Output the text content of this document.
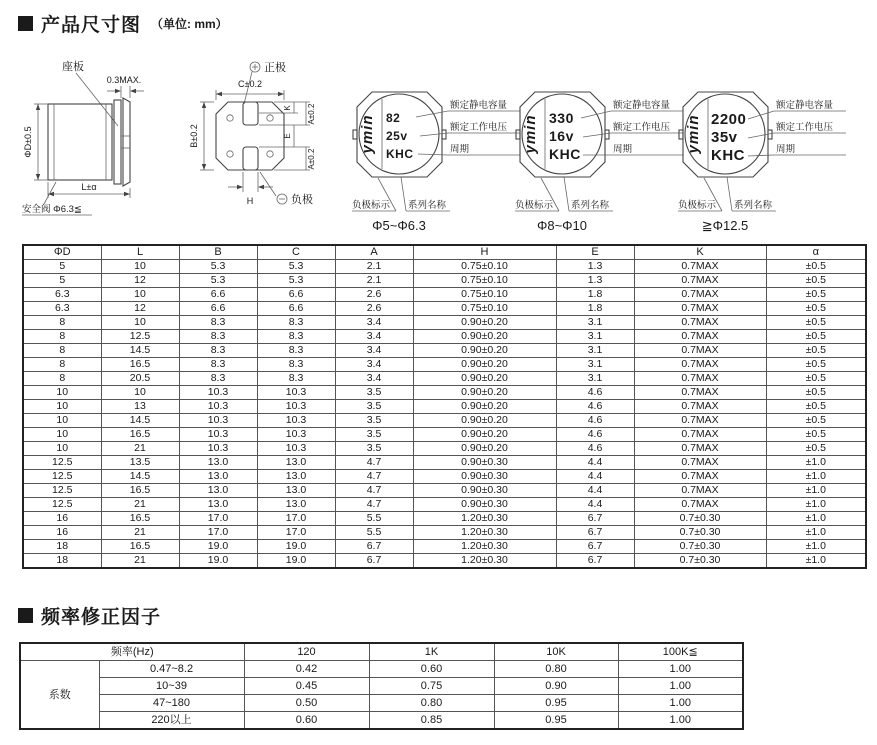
产品尺寸图 （单位: mm）
座板
0.3MAX.
ΦD±0.5
L±α
安全阀 Φ6.3≦
正极
C±0.2
B±0.2
K
E
A±0.2
A±0.2
H	负极
ymin 82
25v
KHC
额定静电容量
额定工作电压
周期
负极标示 系列名称
Φ5~Φ6.3
ymin 330
16v
KHC
额定静电容量
额定工作电压
周期
负极标示 系列名称
Φ8~Φ10
ymin 2200
35v
KHC
额定静电容量
额定工作电压
周期
负极标示 系列名称
≧Φ12.5
ΦD	L	B	C	A	H	E	K	α
5	10	5.3	5.3	2.1	0.75±0.10	1.3	0.7MAX	±0.5
5	12	5.3	5.3	2.1	0.75±0.10	1.3	0.7MAX	±0.5
6.3	10	6.6	6.6	2.6	0.75±0.10	1.8	0.7MAX	±0.5
6.3	12	6.6	6.6	2.6	0.75±0.10	1.8	0.7MAX	±0.5
8	10	8.3	8.3	3.4	0.90±0.20	3.1	0.7MAX	±0.5
8	12.5	8.3	8.3	3.4	0.90±0.20	3.1	0.7MAX	±0.5
8	14.5	8.3	8.3	3.4	0.90±0.20	3.1	0.7MAX	±0.5
8	16.5	8.3	8.3	3.4	0.90±0.20	3.1	0.7MAX	±0.5
8	20.5	8.3	8.3	3.4	0.90±0.20	3.1	0.7MAX	±0.5
10	10	10.3	10.3	3.5	0.90±0.20	4.6	0.7MAX	±0.5
10	13	10.3	10.3	3.5	0.90±0.20	4.6	0.7MAX	±0.5
10	14.5	10.3	10.3	3.5	0.90±0.20	4.6	0.7MAX	±0.5
10	16.5	10.3	10.3	3.5	0.90±0.20	4.6	0.7MAX	±0.5
10	21	10.3	10.3	3.5	0.90±0.20	4.6	0.7MAX	±0.5
12.5	13.5	13.0	13.0	4.7	0.90±0.30	4.4	0.7MAX	±1.0
12.5	14.5	13.0	13.0	4.7	0.90±0.30	4.4	0.7MAX	±1.0
12.5	16.5	13.0	13.0	4.7	0.90±0.30	4.4	0.7MAX	±1.0
12.5	21	13.0	13.0	4.7	0.90±0.30	4.4	0.7MAX	±1.0
16	16.5	17.0	17.0	5.5	1.20±0.30	6.7	0.7±0.30	±1.0
16	21	17.0	17.0	5.5	1.20±0.30	6.7	0.7±0.30	±1.0
18	16.5	19.0	19.0	6.7	1.20±0.30	6.7	0.7±0.30	±1.0
18	21	19.0	19.0	6.7	1.20±0.30	6.7	0.7±0.30	±1.0
频率修正因子
频率(Hz)		120	1K	10K	100K≦
系数	0.47~8.2	0.42	0.60	0.80	1.00
	10~39	0.45	0.75	0.90	1.00
	47~180	0.50	0.80	0.95	1.00
	220以上	0.60	0.85	0.95	1.00
